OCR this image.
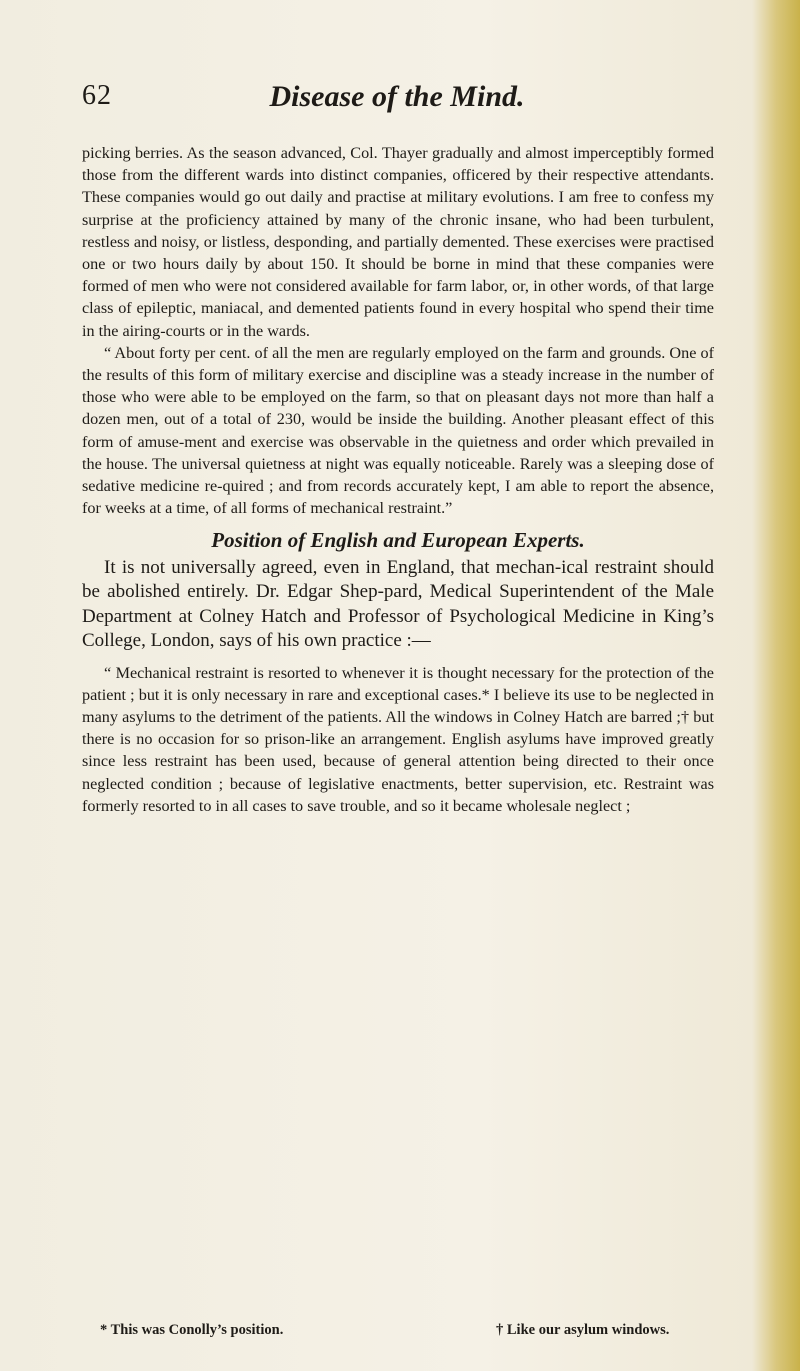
62	Disease of the Mind.

picking berries. As the season advanced, Col. Thayer gradually and almost imperceptibly formed those from the different wards into distinct companies, officered by their respective attendants. These companies would go out daily and practise at military evolutions. I am free to confess my surprise at the proficiency attained by many of the chronic insane, who had been turbulent, restless and noisy, or listless, desponding, and partially demented. These exercises were practised one or two hours daily by about 150. It should be borne in mind that these companies were formed of men who were not considered available for farm labor, or, in other words, of that large class of epileptic, maniacal, and demented patients found in every hospital who spend their time in the airing-courts or in the wards.

“ About forty per cent. of all the men are regularly employed on the farm and grounds. One of the results of this form of military exercise and discipline was a steady increase in the number of those who were able to be employed on the farm, so that on pleasant days not more than half a dozen men, out of a total of 230, would be inside the building. Another pleasant effect of this form of amuse-ment and exercise was observable in the quietness and order which prevailed in the house. The universal quietness at night was equally noticeable. Rarely was a sleeping dose of sedative medicine re-quired ; and from records accurately kept, I am able to report the absence, for weeks at a time, of all forms of mechanical restraint.”

Position of English and European Experts.

It is not universally agreed, even in England, that mechan-ical restraint should be abolished entirely. Dr. Edgar Shep-pard, Medical Superintendent of the Male Department at Colney Hatch and Professor of Psychological Medicine in King’s College, London, says of his own practice :—

“ Mechanical restraint is resorted to whenever it is thought necessary for the protection of the patient ; but it is only necessary in rare and exceptional cases.* I believe its use to be neglected in many asylums to the detriment of the patients. All the windows in Colney Hatch are barred ;† but there is no occasion for so prison-like an arrangement. English asylums have improved greatly since less restraint has been used, because of general attention being directed to their once neglected condition ; because of legislative enactments, better supervision, etc. Restraint was formerly resorted to in all cases to save trouble, and so it became wholesale neglect ;

* This was Conolly’s position.	† Like our asylum windows.
